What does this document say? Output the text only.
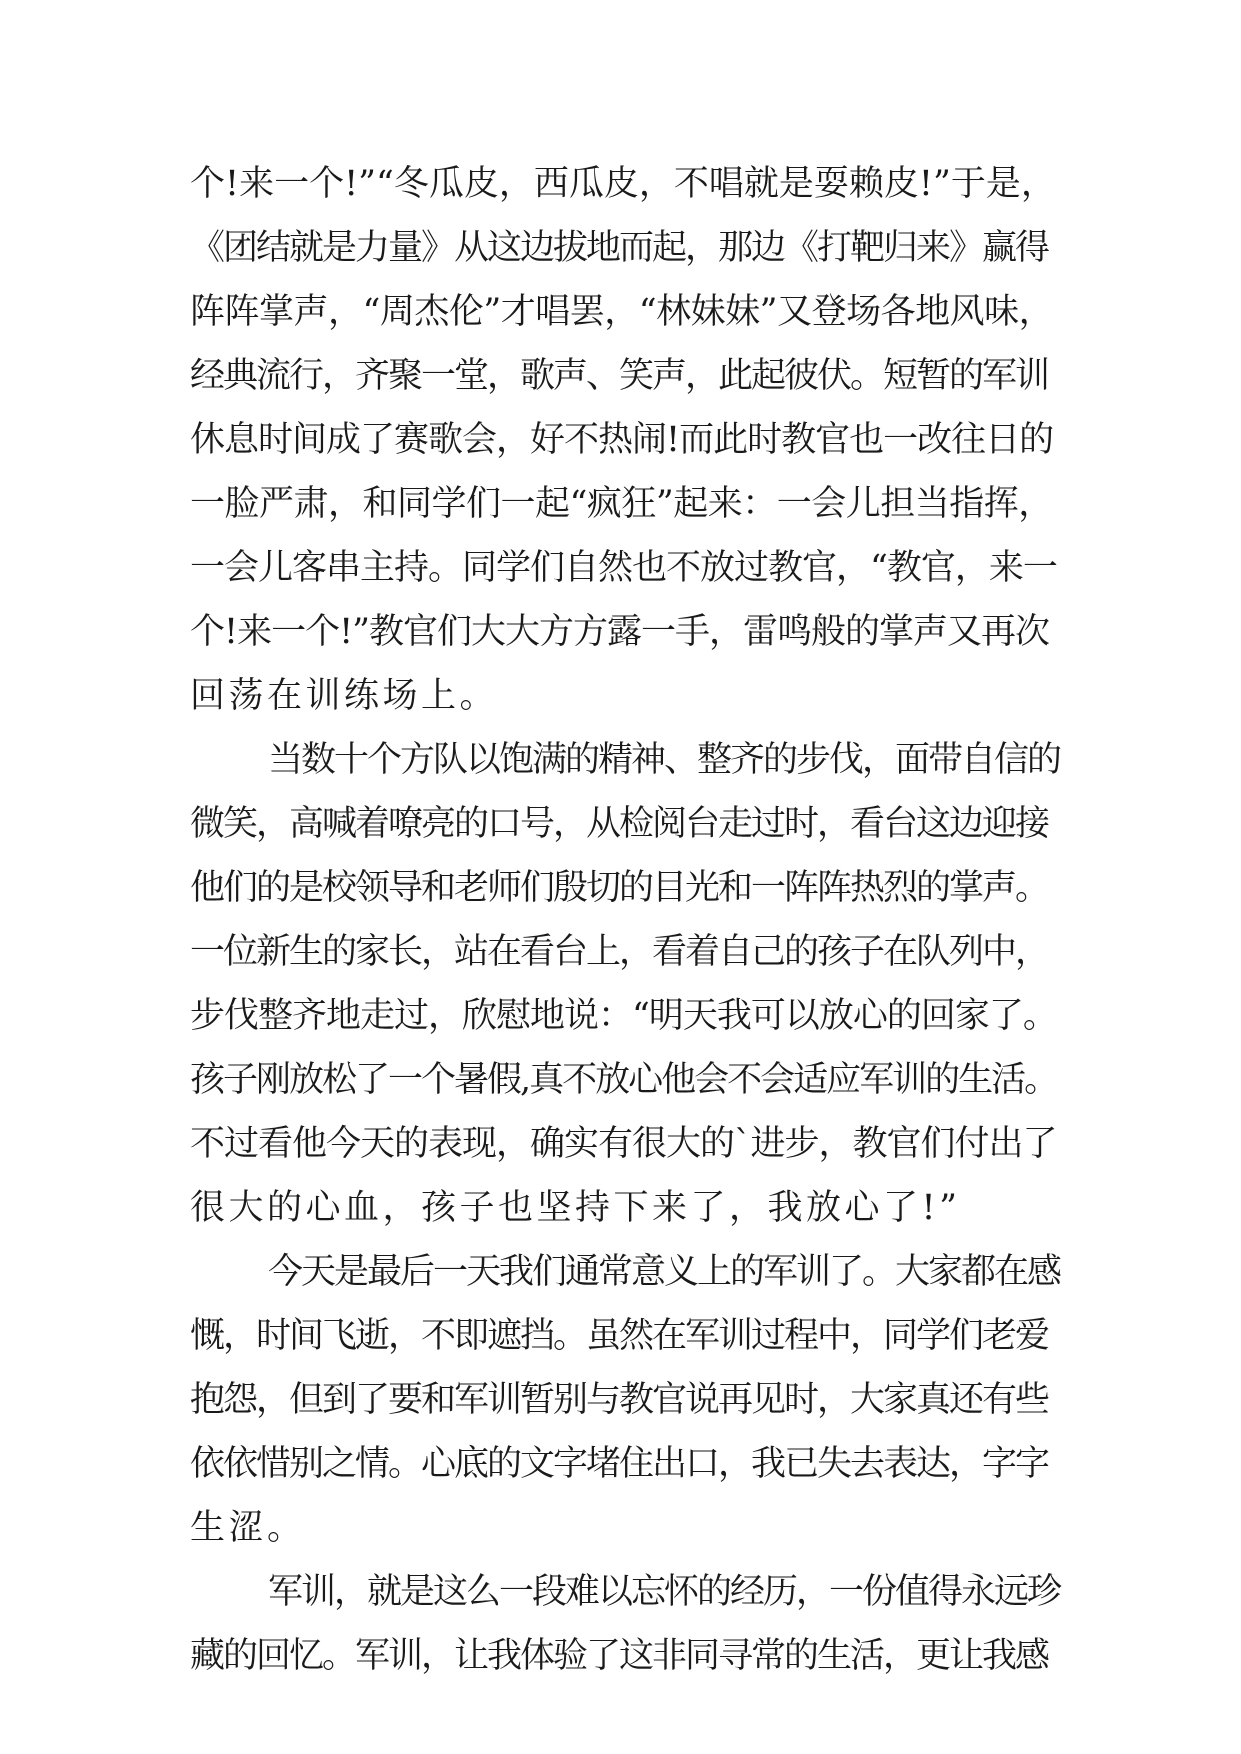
个!来一个!”“冬瓜皮，西瓜皮，不唱就是耍赖皮!”于是，
《团结就是力量》从这边拔地而起，那边《打靶归来》赢得
阵阵掌声，“周杰伦”才唱罢，“林妹妹”又登场各地风味，
经典流行，齐聚一堂，歌声、笑声，此起彼伏。短暂的军训
休息时间成了赛歌会，好不热闹!而此时教官也一改往日的
一脸严肃，和同学们一起“疯狂”起来：一会儿担当指挥，
一会儿客串主持。同学们自然也不放过教官，“教官，来一
个!来一个!”教官们大大方方露一手，雷鸣般的掌声又再次
回荡在训练场上。
当数十个方队以饱满的精神、整齐的步伐，面带自信的
微笑，高喊着嘹亮的口号，从检阅台走过时，看台这边迎接
他们的是校领导和老师们殷切的目光和一阵阵热烈的掌声。
一位新生的家长，站在看台上，看着自己的孩子在队列中，
步伐整齐地走过，欣慰地说：“明天我可以放心的回家了。
孩子刚放松了一个暑假,真不放心他会不会适应军训的生活。
不过看他今天的表现，确实有很大的`进步，教官们付出了
很大的心血，孩子也坚持下来了，我放心了!”
今天是最后一天我们通常意义上的军训了。大家都在感
慨，时间飞逝，不即遮挡。虽然在军训过程中，同学们老爱
抱怨，但到了要和军训暂别与教官说再见时，大家真还有些
依依惜别之情。心底的文字堵住出口，我已失去表达，字字
生涩。
军训，就是这么一段难以忘怀的经历，一份值得永远珍
藏的回忆。军训，让我体验了这非同寻常的生活，更让我感
